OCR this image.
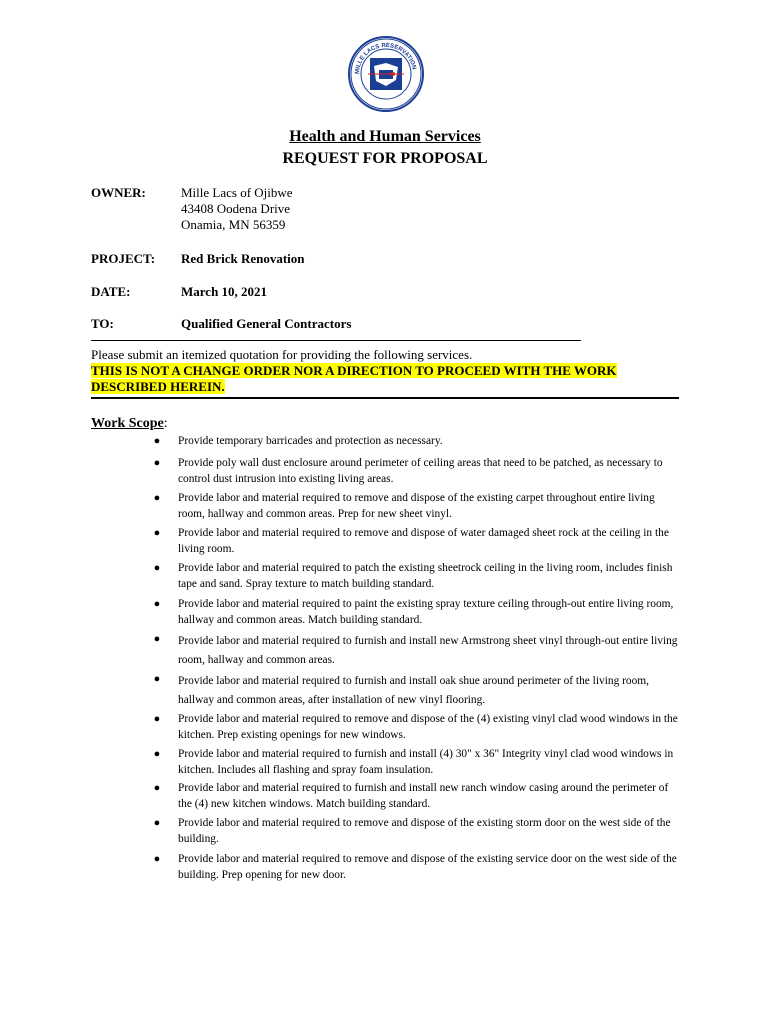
MILLE LACS RESERVATION
Health and Human Services
REQUEST FOR PROPOSAL
OWNER:	Mille Lacs of Ojibwe
43408 Oodena Drive
Onamia, MN 56359
PROJECT: Red Brick Renovation
DATE:	March 10, 2021
TO:	Qualified General Contractors
Please submit an itemized quotation for providing the following services.
THIS IS NOT A CHANGE ORDER NOR A DIRECTION TO PROCEED WITH THE WORK
DESCRIBED HEREIN.
Work Scope:
●	Provide temporary barricades and protection as necessary.
●	Provide poly wall dust enclosure around perimeter of ceiling areas that need to be patched, as necessary to control dust intrusion into existing living areas.
●	Provide labor and material required to remove and dispose of the existing carpet throughout entire living room, hallway and common areas. Prep for new sheet vinyl.
●	Provide labor and material required to remove and dispose of water damaged sheet rock at the ceiling in the living room.
●	Provide labor and material required to patch the existing sheetrock ceiling in the living room, includes finish tape and sand. Spray texture to match building standard.
●	Provide labor and material required to paint the existing spray texture ceiling through-out entire living room, hallway and common areas. Match building standard.
●	Provide labor and material required to furnish and install new Armstrong sheet vinyl through-out entire living room, hallway and common areas.
●	Provide labor and material required to furnish and install oak shue around perimeter of the living room, hallway and common areas, after installation of new vinyl flooring.
●	Provide labor and material required to remove and dispose of the (4) existing vinyl clad wood windows in the kitchen. Prep existing openings for new windows.
●	Provide labor and material required to furnish and install (4) 30" x 36" Integrity vinyl clad wood windows in kitchen. Includes all flashing and spray foam insulation.
●	Provide labor and material required to furnish and install new ranch window casing around the perimeter of the (4) new kitchen windows. Match building standard.
●	Provide labor and material required to remove and dispose of the existing storm door on the west side of the building.
●	Provide labor and material required to remove and dispose of the existing service door on the west side of the building. Prep opening for new door.
